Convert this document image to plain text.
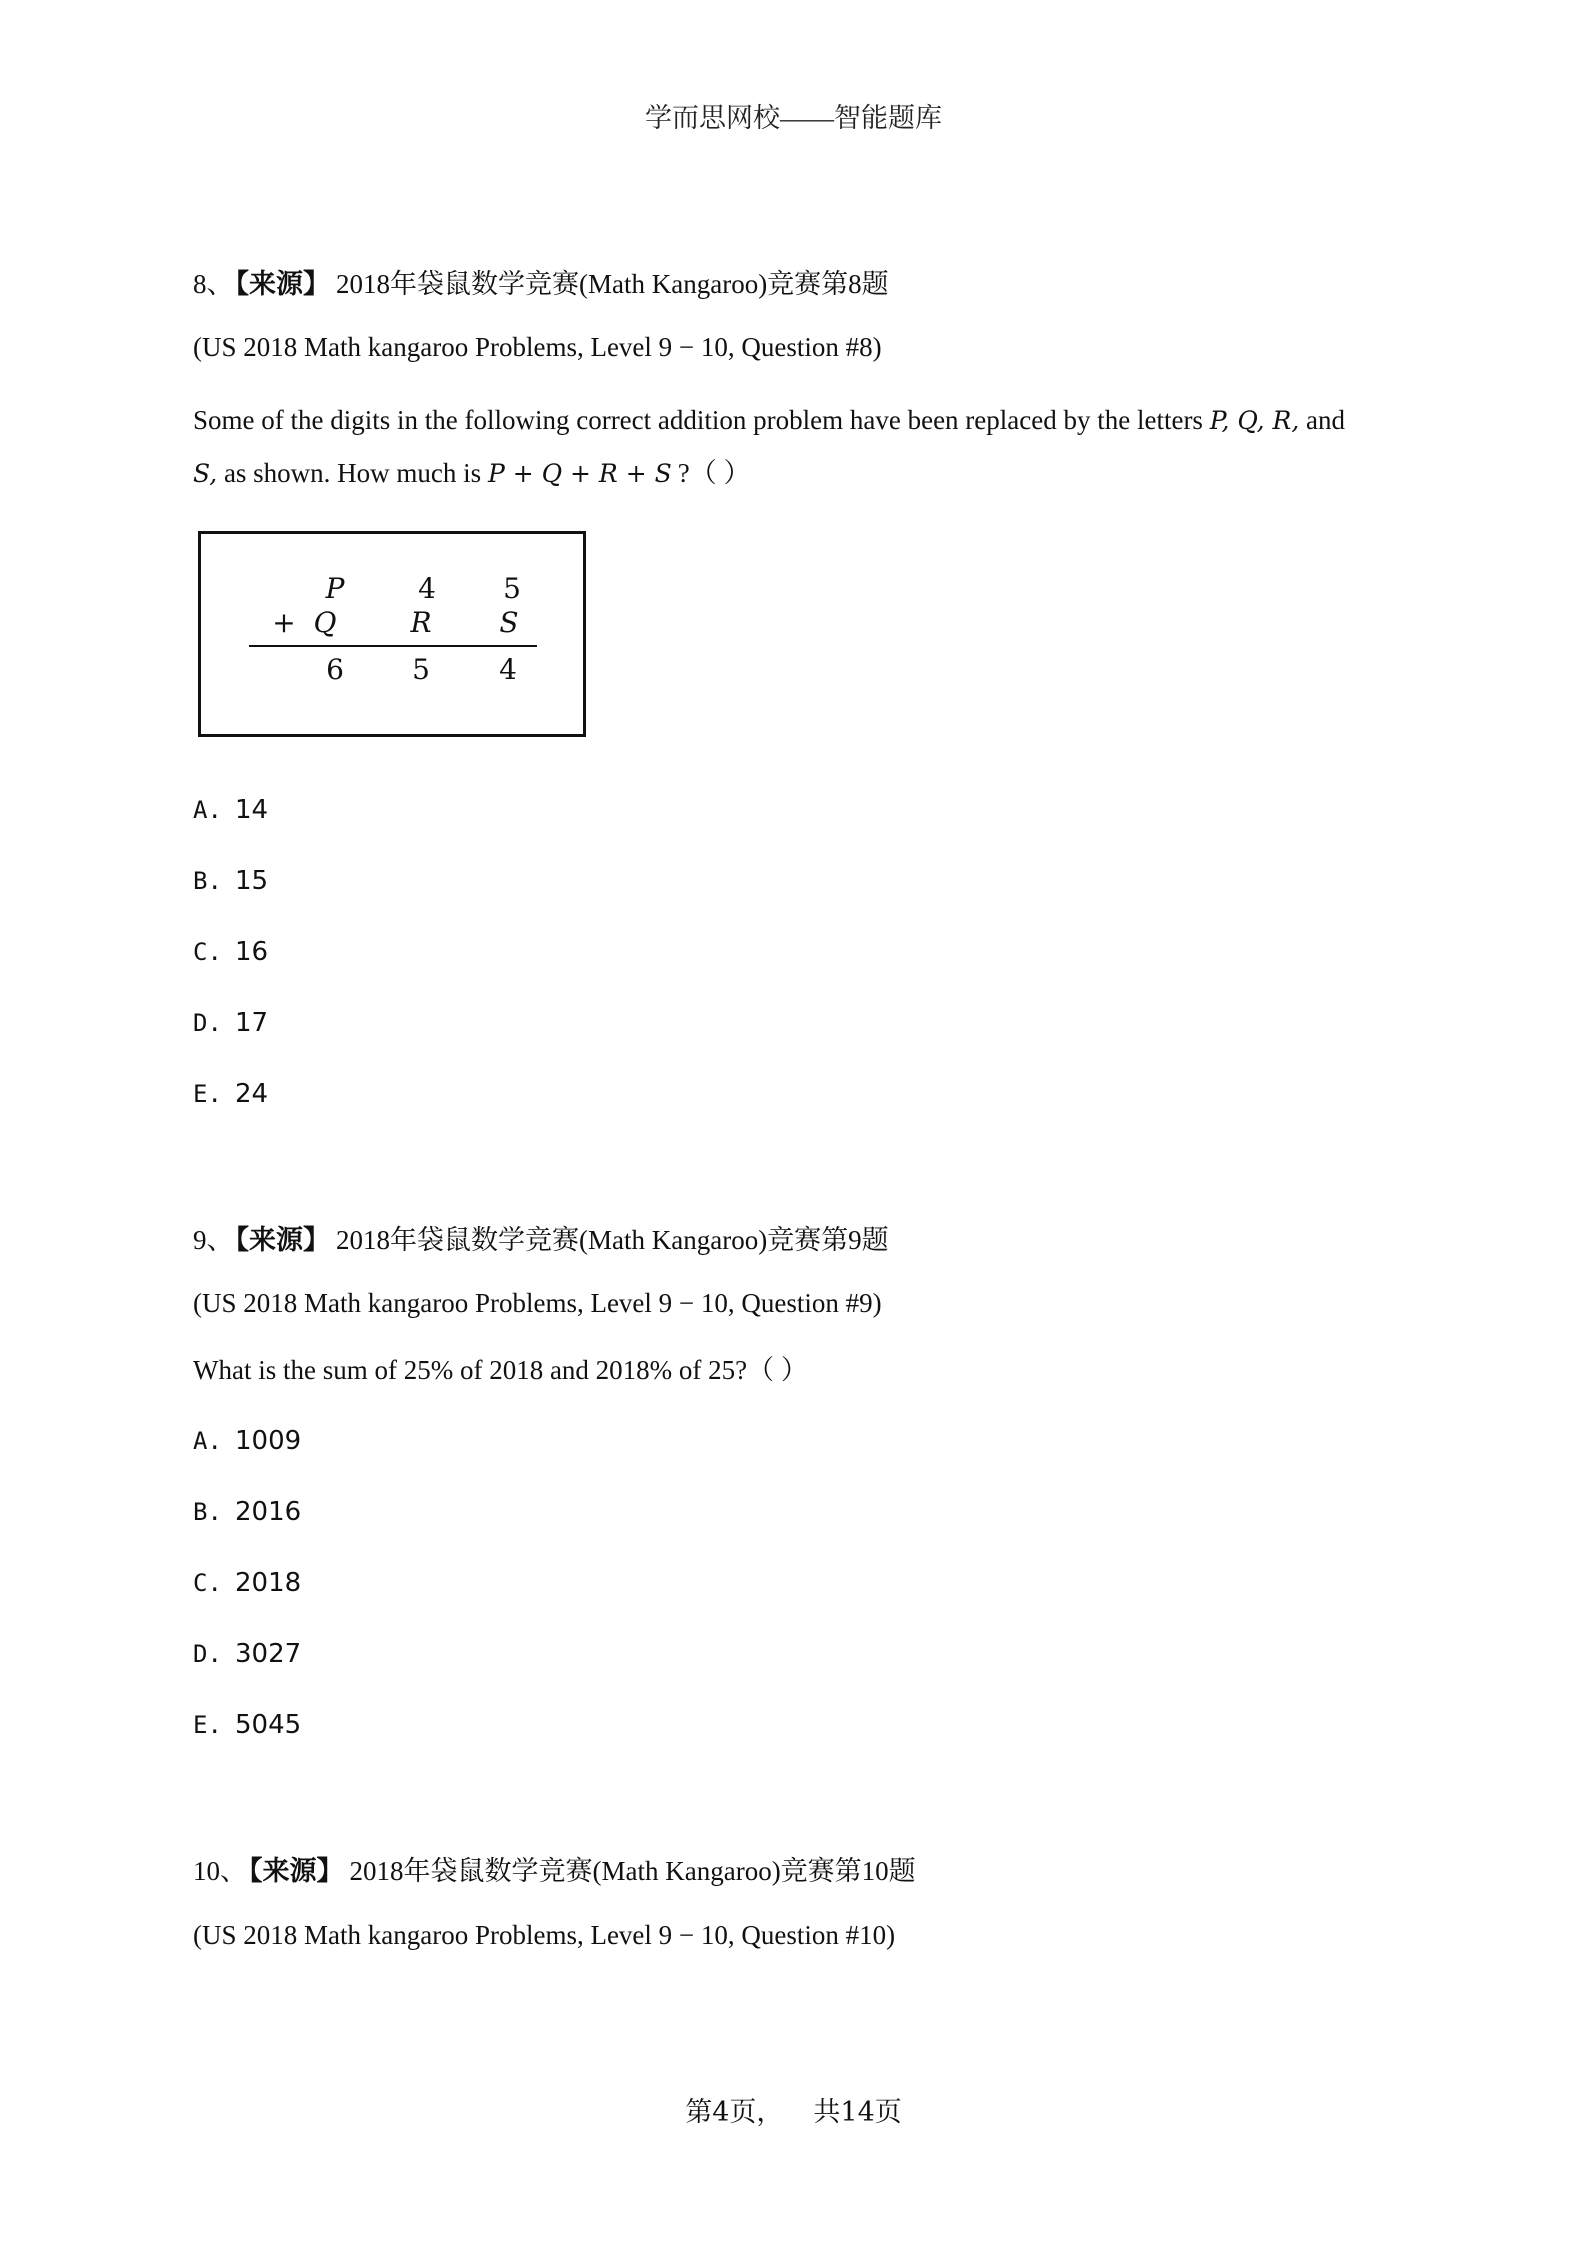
学而思网校——智能题库
8、【来源】 2018年袋鼠数学竞赛(Math Kangaroo)竞赛第8题
(US 2018 Math kangaroo Problems, Level 9 − 10, Question #8)
Some of the digits in the following correct addition problem have been replaced by the letters P, Q, R, and
S, as shown. How much is P + Q + R + S ?（ ）
P	4	5
+ Q	R	S
6	5	4
A. 14
B. 15
C. 16
D. 17
E. 24
9、【来源】 2018年袋鼠数学竞赛(Math Kangaroo)竞赛第9题
(US 2018 Math kangaroo Problems, Level 9 − 10, Question #9)
What is the sum of 25% of 2018 and 2018% of 25?（ ）
A. 1009
B. 2016
C. 2018
D. 3027
E. 5045
10、【来源】 2018年袋鼠数学竞赛(Math Kangaroo)竞赛第10题
(US 2018 Math kangaroo Problems, Level 9 − 10, Question #10)
第4页， 共14页
